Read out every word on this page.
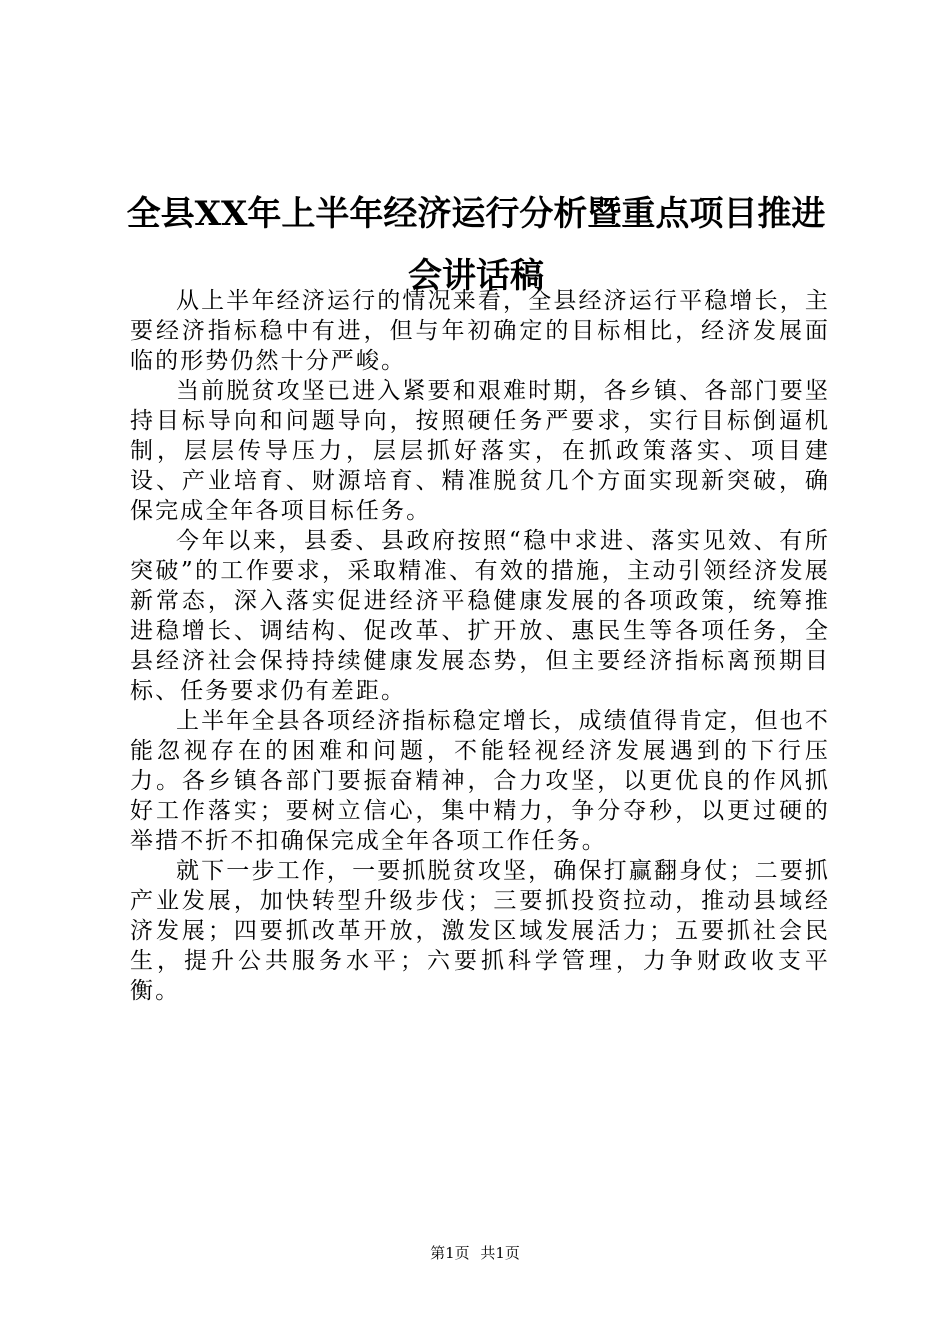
全县XX年上半年经济运行分析暨重点项目推进会讲话稿

从上半年经济运行的情况来看，全县经济运行平稳增长，主要经济指标稳中有进，但与年初确定的目标相比，经济发展面临的形势仍然十分严峻。

当前脱贫攻坚已进入紧要和艰难时期，各乡镇、各部门要坚持目标导向和问题导向，按照硬任务严要求，实行目标倒逼机制，层层传导压力，层层抓好落实，在抓政策落实、项目建设、产业培育、财源培育、精准脱贫几个方面实现新突破，确保完成全年各项目标任务。

今年以来，县委、县政府按照“稳中求进、落实见效、有所突破”的工作要求，采取精准、有效的措施，主动引领经济发展新常态，深入落实促进经济平稳健康发展的各项政策，统筹推进稳增长、调结构、促改革、扩开放、惠民生等各项任务，全县经济社会保持持续健康发展态势，但主要经济指标离预期目标、任务要求仍有差距。

上半年全县各项经济指标稳定增长，成绩值得肯定，但也不能忽视存在的困难和问题，不能轻视经济发展遇到的下行压力。各乡镇各部门要振奋精神，合力攻坚，以更优良的作风抓好工作落实；要树立信心，集中精力，争分夺秒，以更过硬的举措不折不扣确保完成全年各项工作任务。

就下一步工作，一要抓脱贫攻坚，确保打赢翻身仗；二要抓产业发展，加快转型升级步伐；三要抓投资拉动，推动县域经济发展；四要抓改革开放，激发区域发展活力；五要抓社会民生，提升公共服务水平；六要抓科学管理，力争财政收支平衡。

第1页 共1页
